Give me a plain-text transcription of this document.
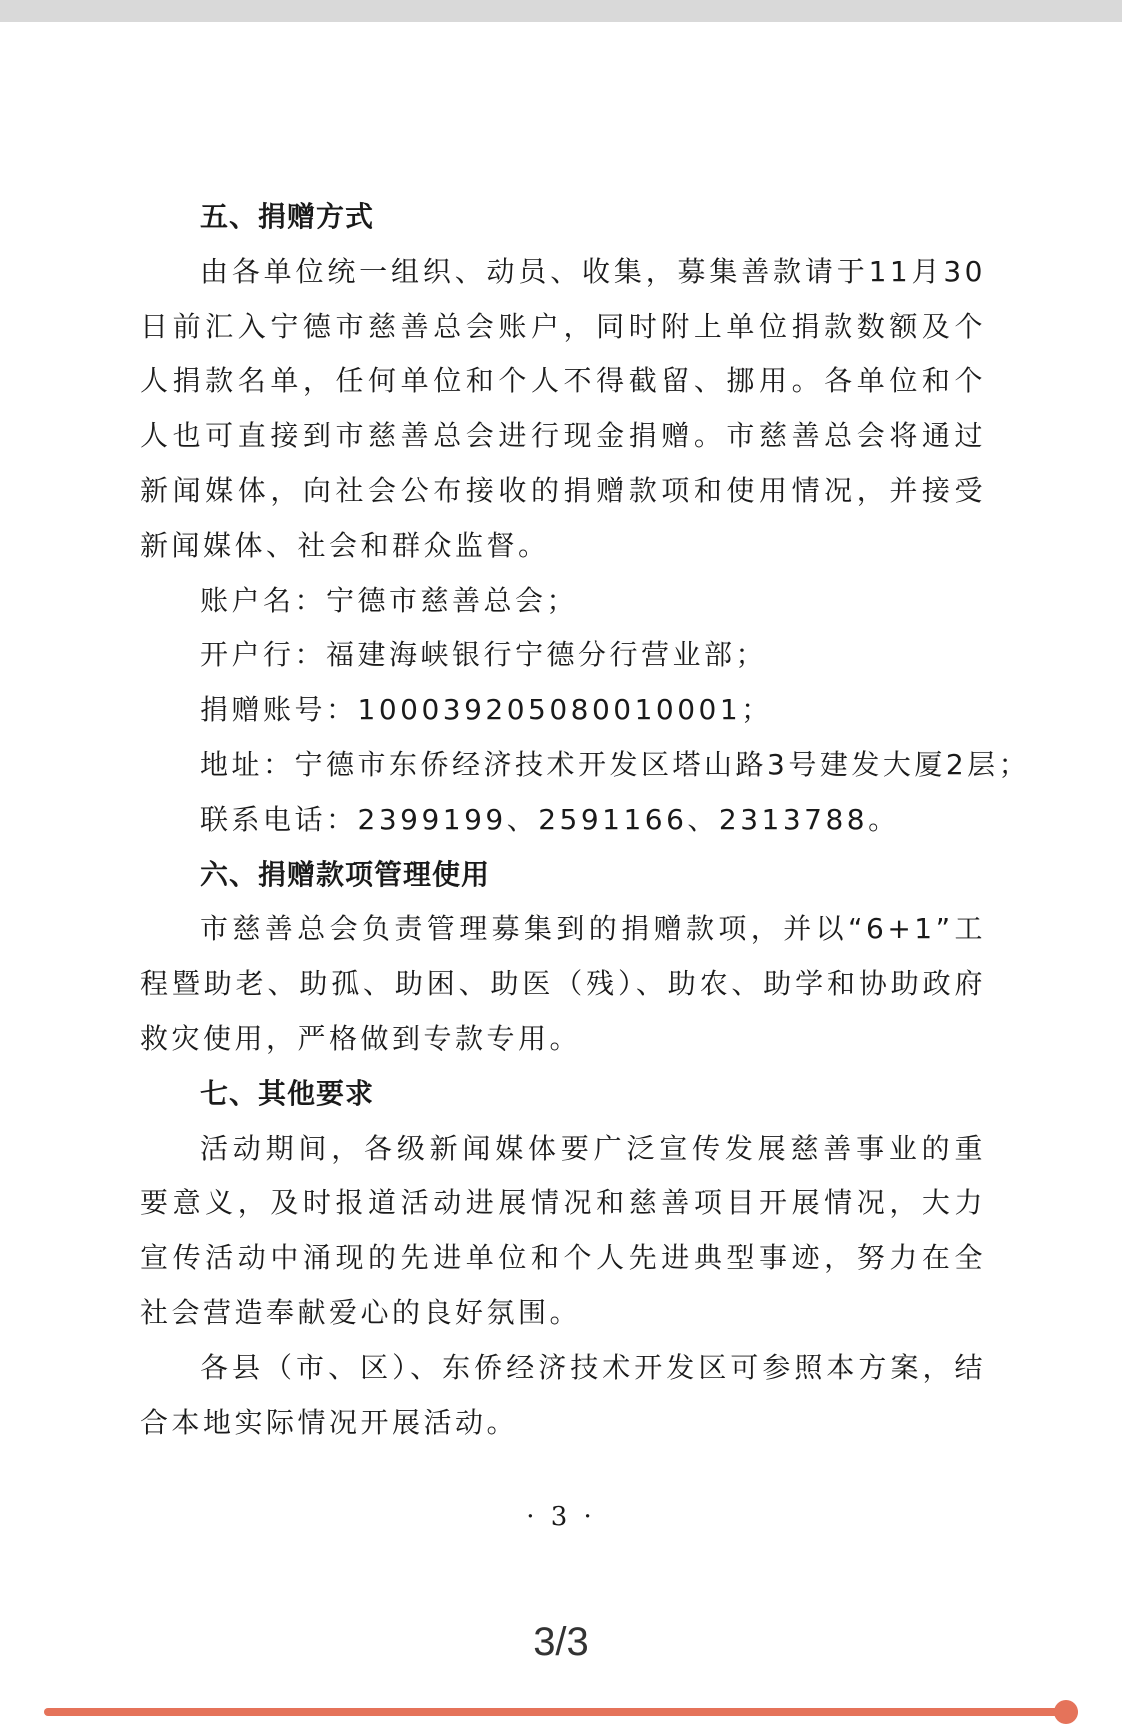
五、捐赠方式

由各单位统一组织、动员、收集，募集善款请于11月30日前汇入宁德市慈善总会账户，同时附上单位捐款数额及个人捐款名单，任何单位和个人不得截留、挪用。各单位和个人也可直接到市慈善总会进行现金捐赠。市慈善总会将通过新闻媒体，向社会公布接收的捐赠款项和使用情况，并接受新闻媒体、社会和群众监督。

账户名：宁德市慈善总会；
开户行：福建海峡银行宁德分行营业部；
捐赠账号：100039205080010001；
地址：宁德市东侨经济技术开发区塔山路3号建发大厦2层；
联系电话：2399199、2591166、2313788。
六、捐赠款项管理使用

市慈善总会负责管理募集到的捐赠款项，并以“6+1”工程暨助老、助孤、助困、助医（残）、助农、助学和协助政府救灾使用，严格做到专款专用。

七、其他要求

活动期间，各级新闻媒体要广泛宣传发展慈善事业的重要意义，及时报道活动进展情况和慈善项目开展情况，大力宣传活动中涌现的先进单位和个人先进典型事迹，努力在全社会营造奉献爱心的良好氛围。

各县（市、区）、东侨经济技术开发区可参照本方案，结合本地实际情况开展活动。

· 3 ·
3/3
